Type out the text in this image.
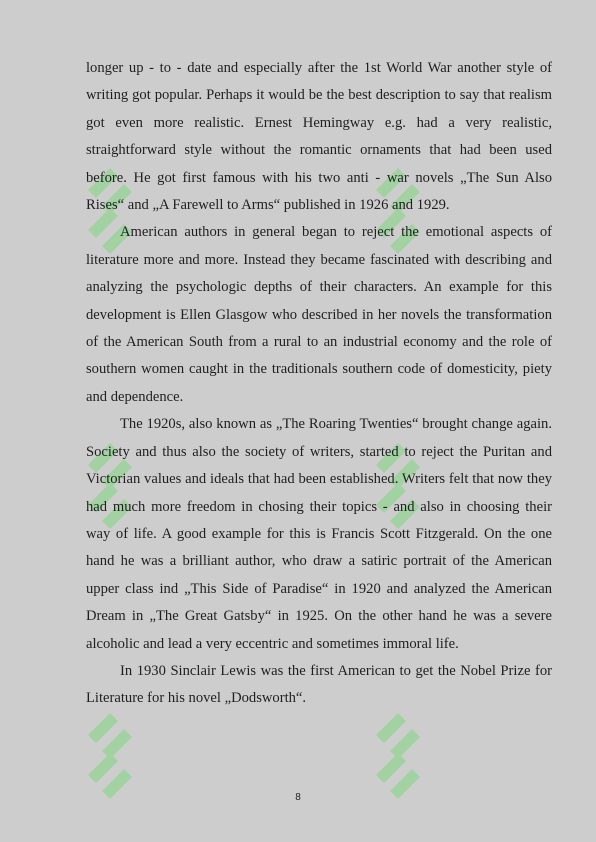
longer up - to - date and especially after the 1st World War another style of writing got popular. Perhaps it would be the best description to say that realism got even more realistic. Ernest Hemingway e.g. had a very realistic, straightforward style without the romantic ornaments that had been used before. He got first famous with his two anti - war novels „The Sun Also Rises“ and „A Farewell to Arms“ published in 1926 and 1929.

American authors in general began to reject the emotional aspects of literature more and more. Instead they became fascinated with describing and analyzing the psychologic depths of their characters. An example for this development is Ellen Glasgow who described in her novels the transformation of the American South from a rural to an industrial economy and the role of southern women caught in the traditionals southern code of domesticity, piety and dependence.

The 1920s, also known as „The Roaring Twenties“ brought change again. Society and thus also the society of writers, started to reject the Puritan and Victorian values and ideals that had been established. Writers felt that now they had much more freedom in chosing their topics - and also in choosing their way of life. A good example for this is Francis Scott Fitzgerald. On the one hand he was a brilliant author, who draw a satiric portrait of the American upper class ind „This Side of Paradise“ in 1920 and analyzed the American Dream in „The Great Gatsby“ in 1925. On the other hand he was a severe alcoholic and lead a very eccentric and sometimes immoral life.

In 1930 Sinclair Lewis was the first American to get the Nobel Prize for Literature for his novel „Dodsworth“.

8
